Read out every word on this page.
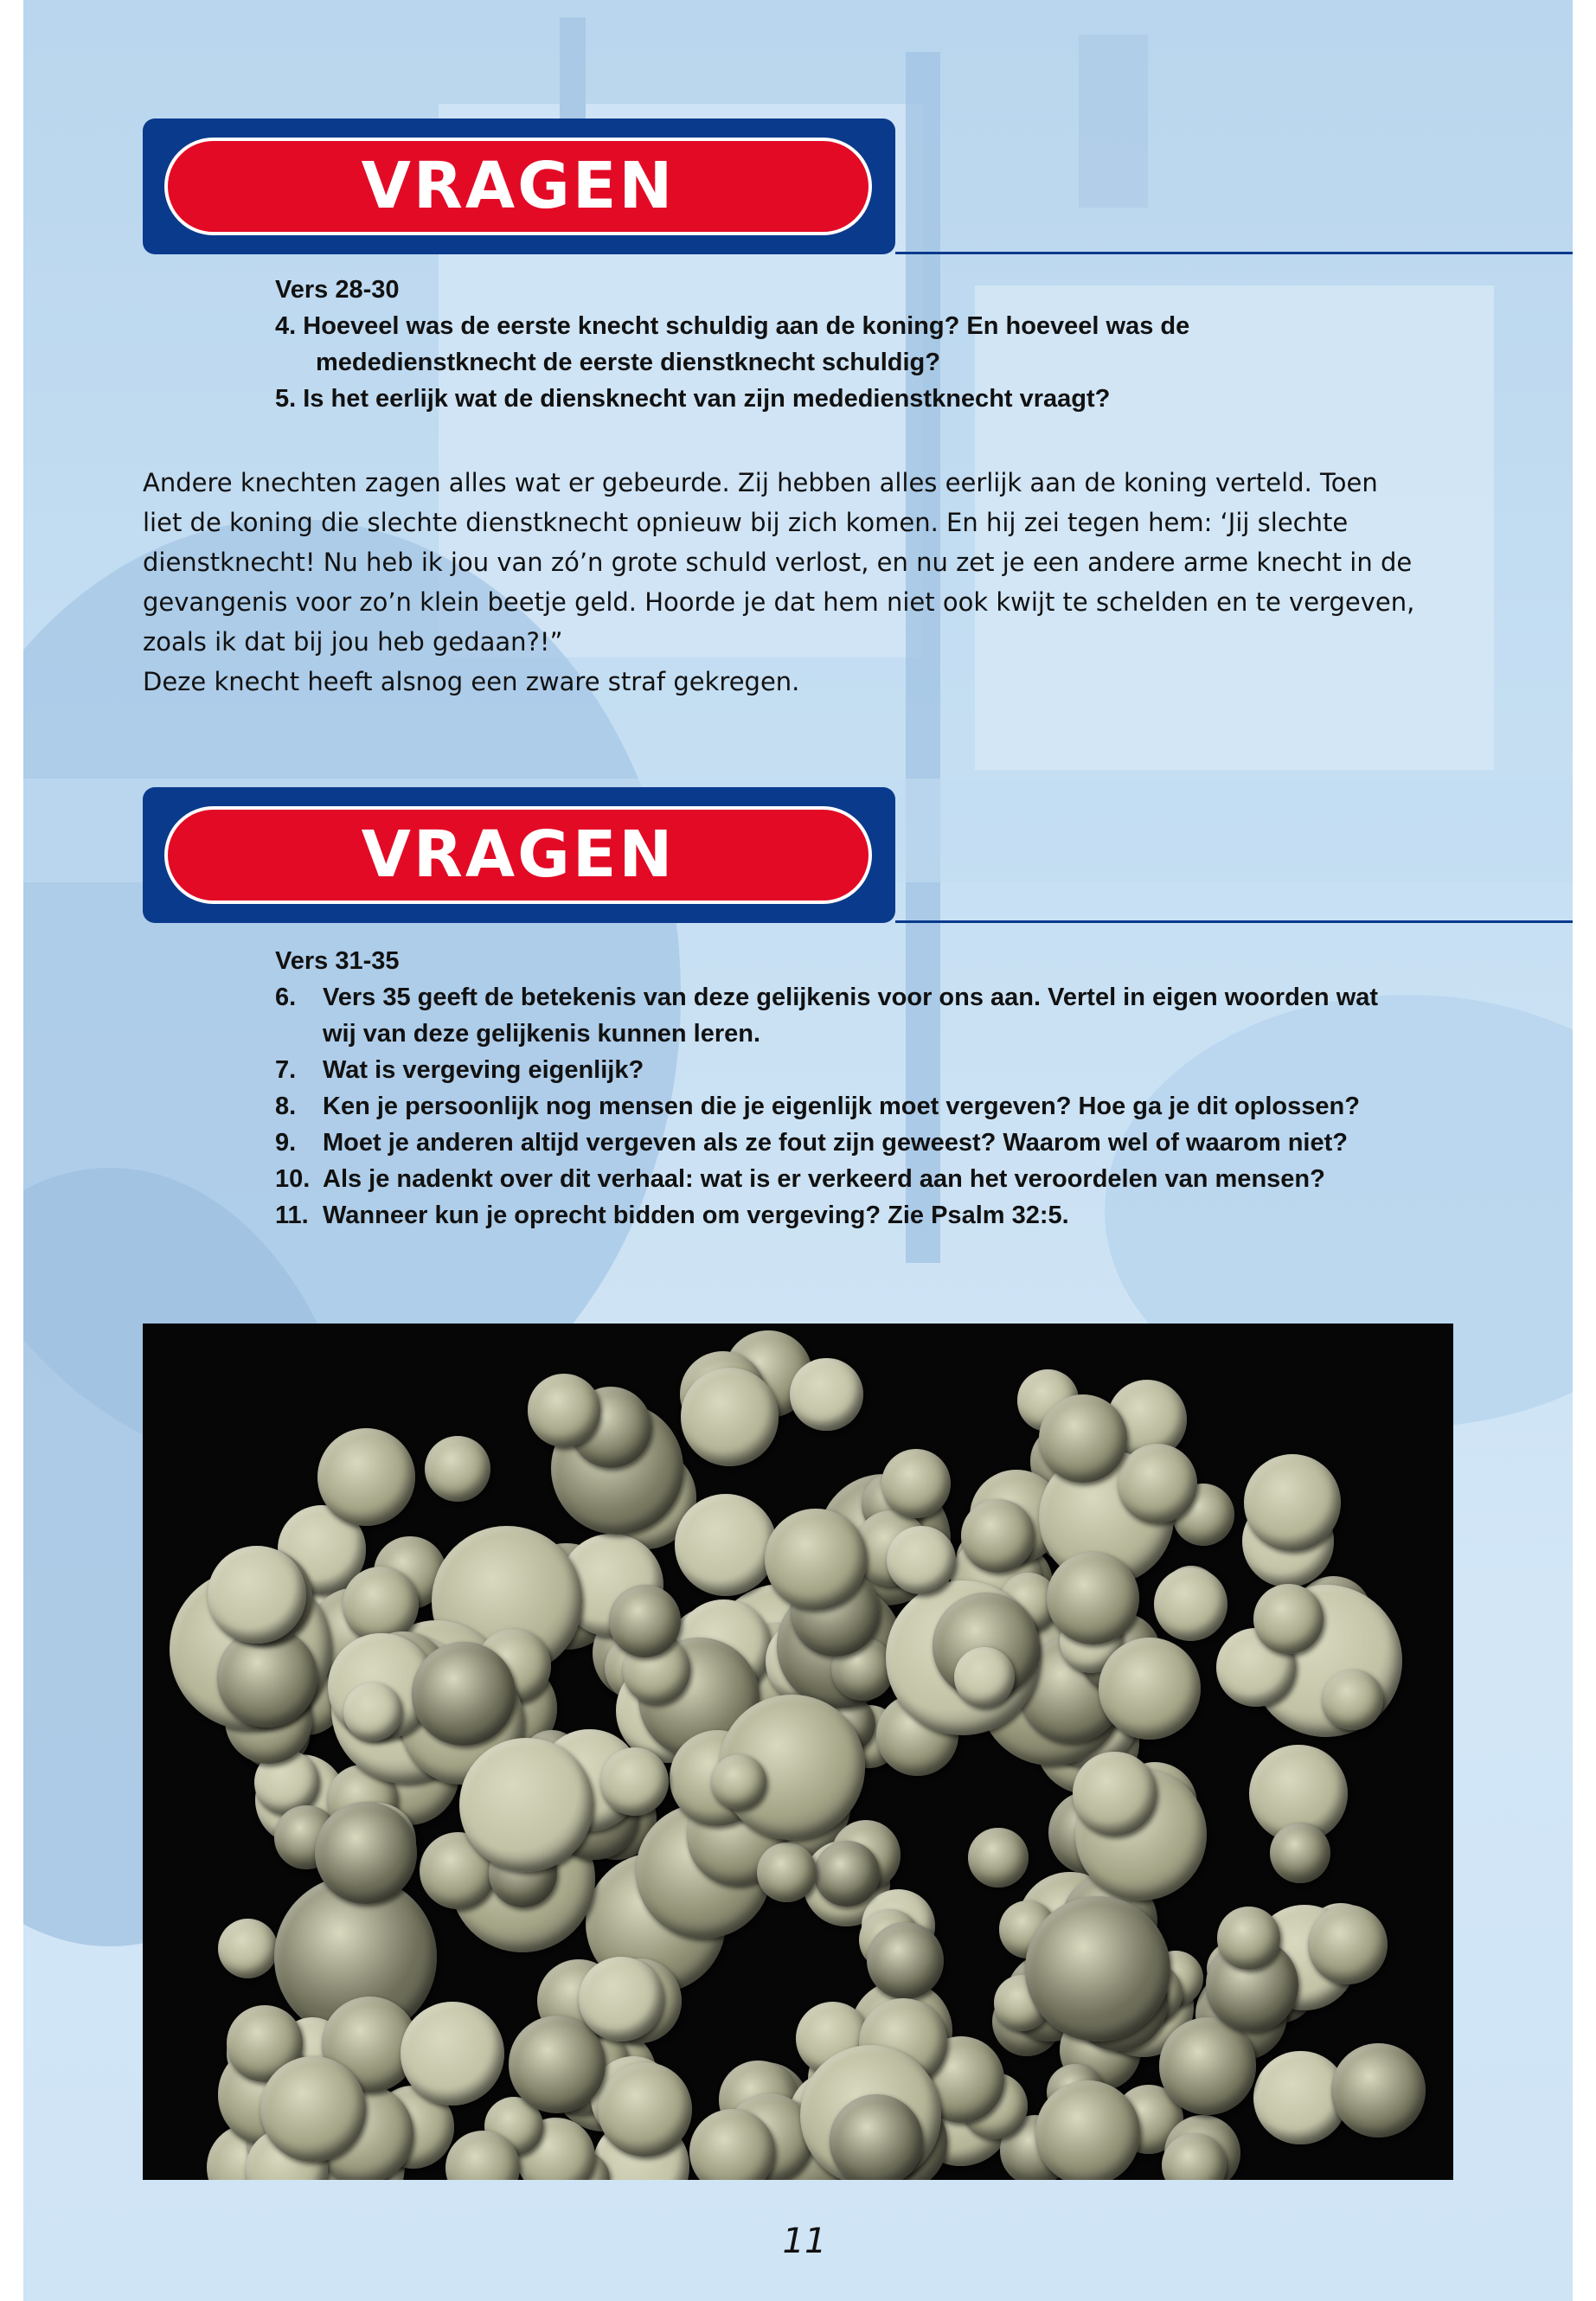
VRAGEN
Vers 28-30
4. Hoeveel was de eerste knecht schuldig aan de koning? En hoeveel was de
mededienstknecht de eerste dienstknecht schuldig?
5. Is het eerlijk wat de diensknecht van zijn mededienstknecht vraagt?

Andere knechten zagen alles wat er gebeurde. Zij hebben alles eerlijk aan de koning verteld. Toen

liet de koning die slechte dienstknecht opnieuw bij zich komen. En hij zei tegen hem: ‘Jij slechte

dienstknecht! Nu heb ik jou van zó’n grote schuld verlost, en nu zet je een andere arme knecht in de

gevangenis voor zo’n klein beetje geld. Hoorde je dat hem niet ook kwijt te schelden en te vergeven,

zoals ik dat bij jou heb gedaan?!”

Deze knecht heeft alsnog een zware straf gekregen.

VRAGEN
Vers 31-35
6. Vers 35 geeft de betekenis van deze gelijkenis voor ons aan. Vertel in eigen woorden wat
wij van deze gelijkenis kunnen leren.
7. Wat is vergeving eigenlijk?
8. Ken je persoonlijk nog mensen die je eigenlijk moet vergeven? Hoe ga je dit oplossen?
9. Moet je anderen altijd vergeven als ze fout zijn geweest? Waarom wel of waarom niet?
10. Als je nadenkt over dit verhaal: wat is er verkeerd aan het veroordelen van mensen?
11. Wanneer kun je oprecht bidden om vergeving? Zie Psalm 32:5.
11
